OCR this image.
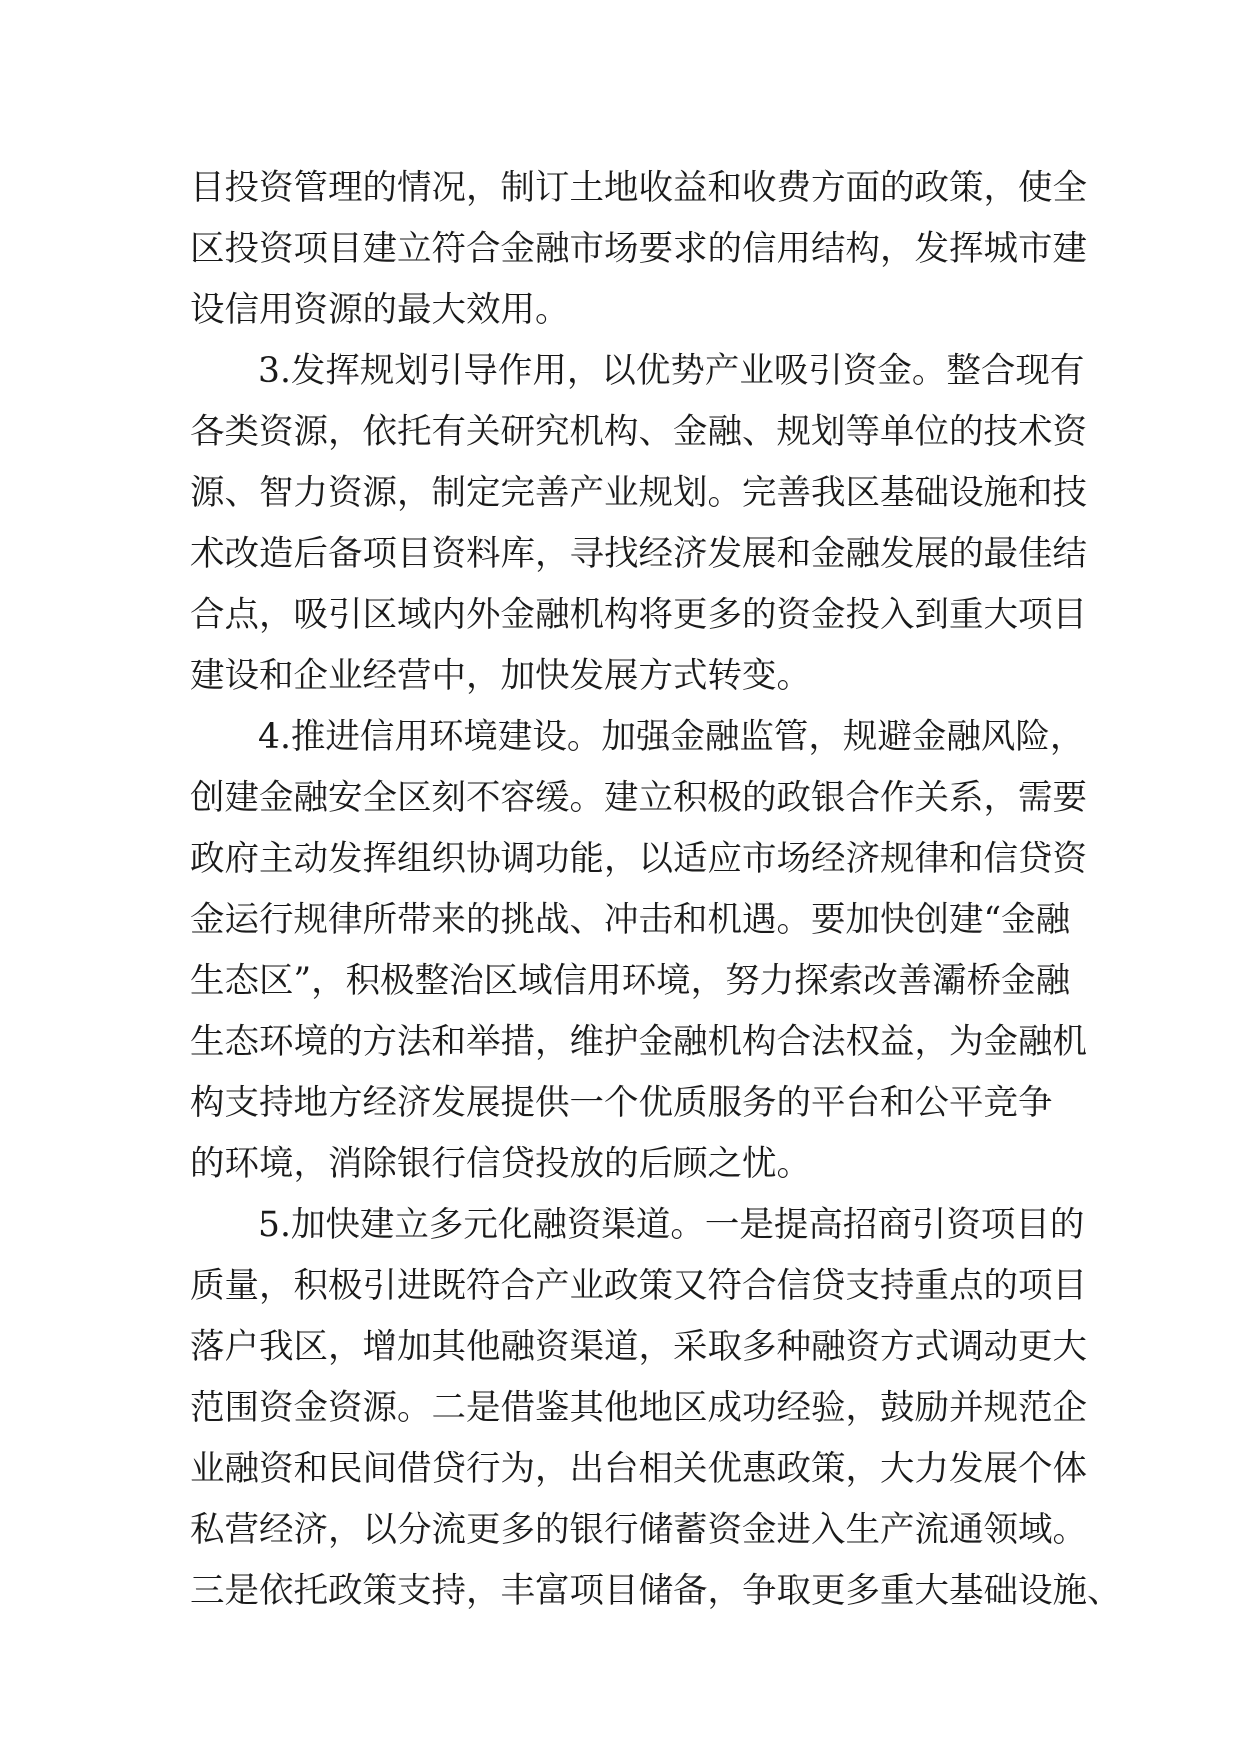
目投资管理的情况，制订土地收益和收费方面的政策，使全
区投资项目建立符合金融市场要求的信用结构，发挥城市建
设信用资源的最大效用。
3.发挥规划引导作用，以优势产业吸引资金。整合现有
各类资源，依托有关研究机构、金融、规划等单位的技术资
源、智力资源，制定完善产业规划。完善我区基础设施和技
术改造后备项目资料库，寻找经济发展和金融发展的最佳结
合点，吸引区域内外金融机构将更多的资金投入到重大项目
建设和企业经营中，加快发展方式转变。
4.推进信用环境建设。加强金融监管，规避金融风险，
创建金融安全区刻不容缓。建立积极的政银合作关系，需要
政府主动发挥组织协调功能，以适应市场经济规律和信贷资
金运行规律所带来的挑战、冲击和机遇。要加快创建“金融
生态区”，积极整治区域信用环境，努力探索改善灞桥金融
生态环境的方法和举措，维护金融机构合法权益，为金融机
构支持地方经济发展提供一个优质服务的平台和公平竞争
的环境，消除银行信贷投放的后顾之忧。
5.加快建立多元化融资渠道。一是提高招商引资项目的
质量，积极引进既符合产业政策又符合信贷支持重点的项目
落户我区，增加其他融资渠道，采取多种融资方式调动更大
范围资金资源。二是借鉴其他地区成功经验，鼓励并规范企
业融资和民间借贷行为，出台相关优惠政策，大力发展个体
私营经济，以分流更多的银行储蓄资金进入生产流通领域。
三是依托政策支持，丰富项目储备，争取更多重大基础设施、
